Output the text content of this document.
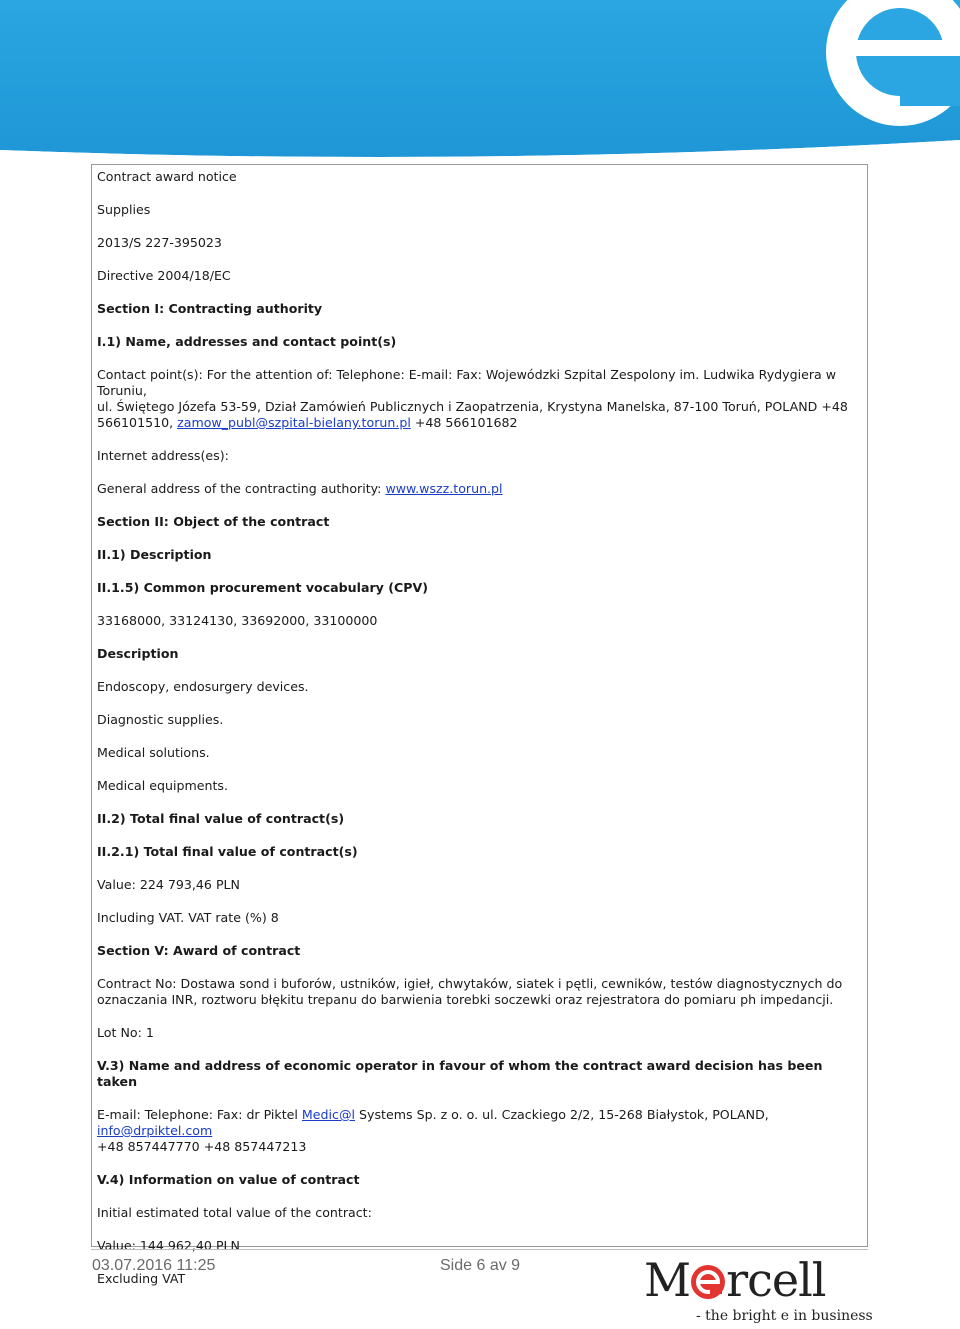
Contract award notice
Supplies
2013/S 227-395023
Directive 2004/18/EC
Section I: Contracting authority
I.1) Name, addresses and contact point(s)
Contact point(s): For the attention of: Telephone: E-mail: Fax: Wojewódzki Szpital Zespolony im. Ludwika Rydygiera w Toruniu,
ul. Świętego Józefa 53-59, Dział Zamówień Publicznych i Zaopatrzenia, Krystyna Manelska, 87-100 Toruń, POLAND +48
566101510, zamow_publ@szpital-bielany.torun.pl +48 566101682
Internet address(es):
General address of the contracting authority: www.wszz.torun.pl
Section II: Object of the contract
II.1) Description
II.1.5) Common procurement vocabulary (CPV)
33168000, 33124130, 33692000, 33100000
Description
Endoscopy, endosurgery devices.
Diagnostic supplies.
Medical solutions.
Medical equipments.
II.2) Total final value of contract(s)
II.2.1) Total final value of contract(s)
Value: 224 793,46 PLN
Including VAT. VAT rate (%) 8
Section V: Award of contract
Contract No: Dostawa sond i buforów, ustników, igieł, chwytaków, siatek i pętli, cewników, testów diagnostycznych do
oznaczania INR, roztworu błękitu trepanu do barwienia torebki soczewki oraz rejestratora do pomiaru ph impedancji.
Lot No: 1
V.3) Name and address of economic operator in favour of whom the contract award decision has been taken
E-mail: Telephone: Fax: dr Piktel Medic@l Systems Sp. z o. o. ul. Czackiego 2/2, 15-268 Białystok, POLAND, info@drpiktel.com
+48 857447770 +48 857447213
V.4) Information on value of contract
Initial estimated total value of the contract:
Value: 144 962,40 PLN
Excluding VAT
03.07.2016 11:25	Side 6 av 9	M rcell
- the bright e in business
